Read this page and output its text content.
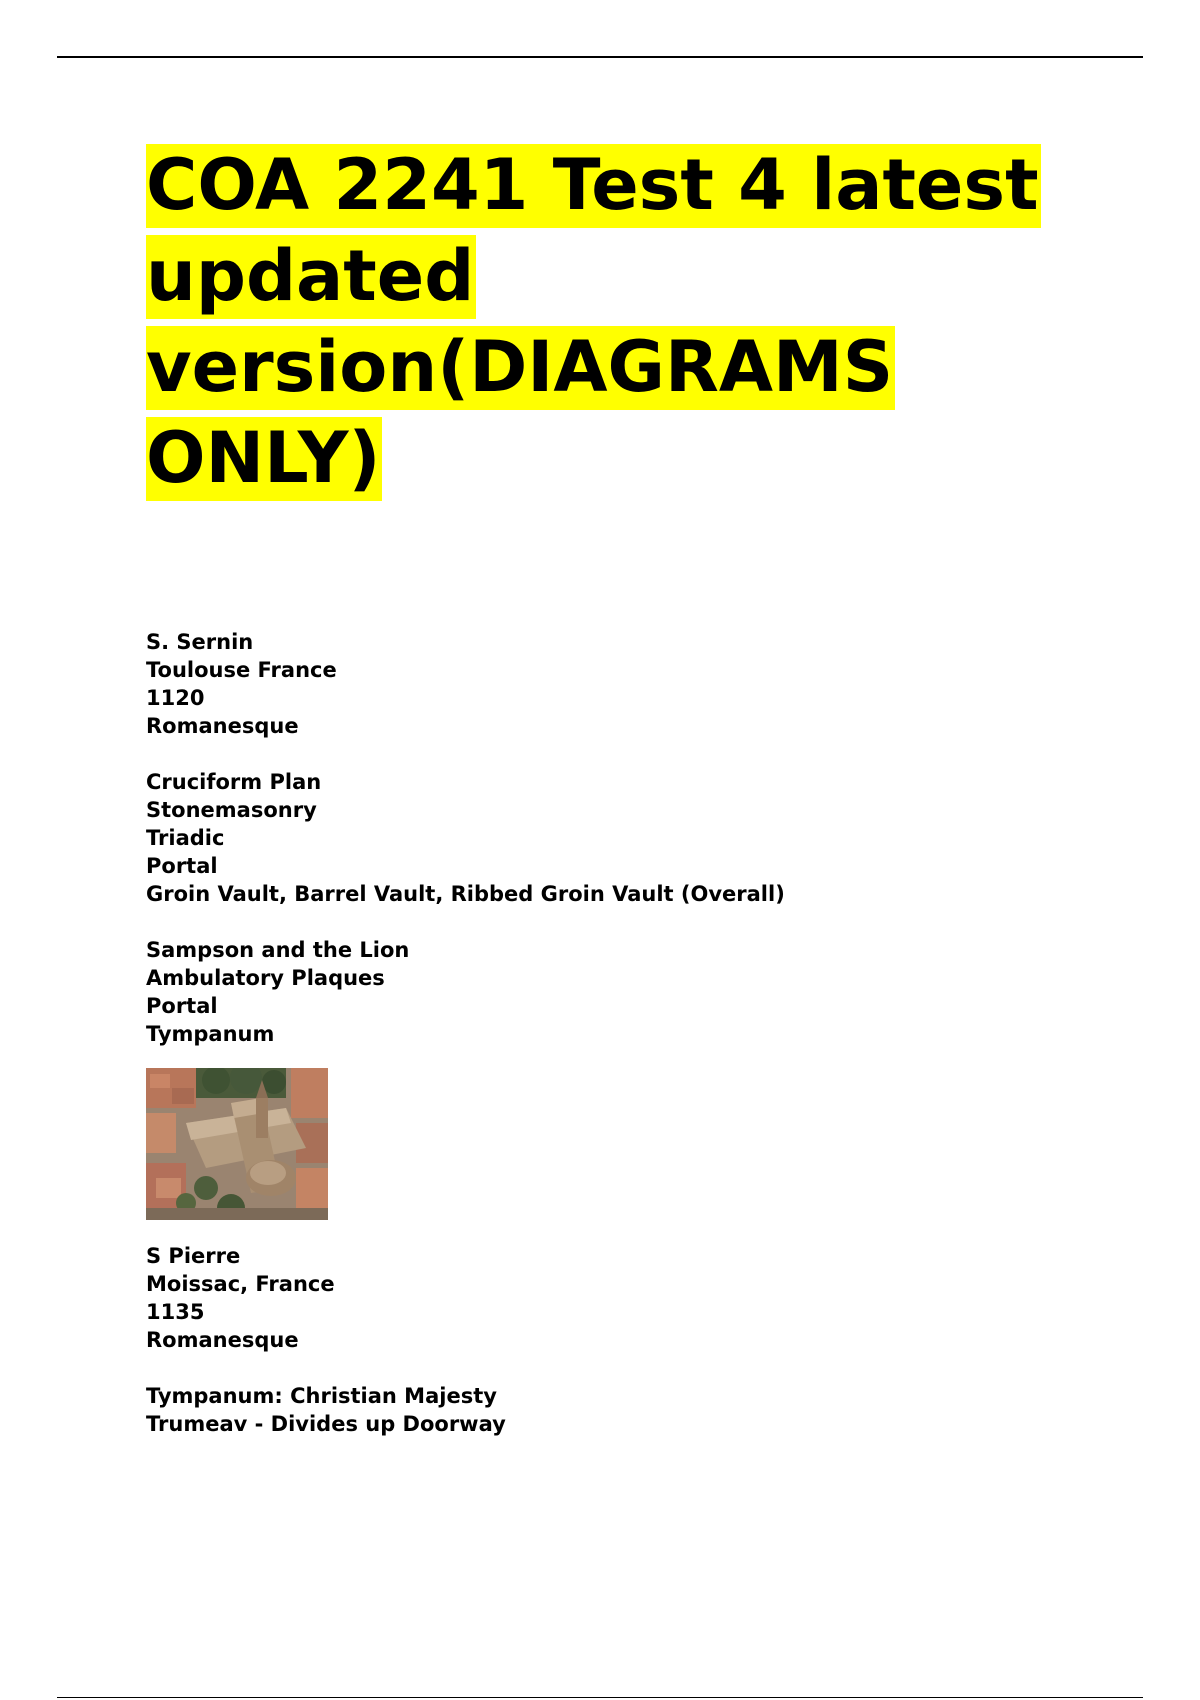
COA 2241 Test 4 latest
updated
version(DIAGRAMS
ONLY)
S. Sernin
Toulouse France
1120
Romanesque
Cruciform Plan
Stonemasonry
Triadic
Portal
Groin Vault, Barrel Vault, Ribbed Groin Vault (Overall)
Sampson and the Lion
Ambulatory Plaques
Portal
Tympanum
S Pierre
Moissac, France
1135
Romanesque
Tympanum: Christian Majesty
Trumeav - Divides up Doorway
